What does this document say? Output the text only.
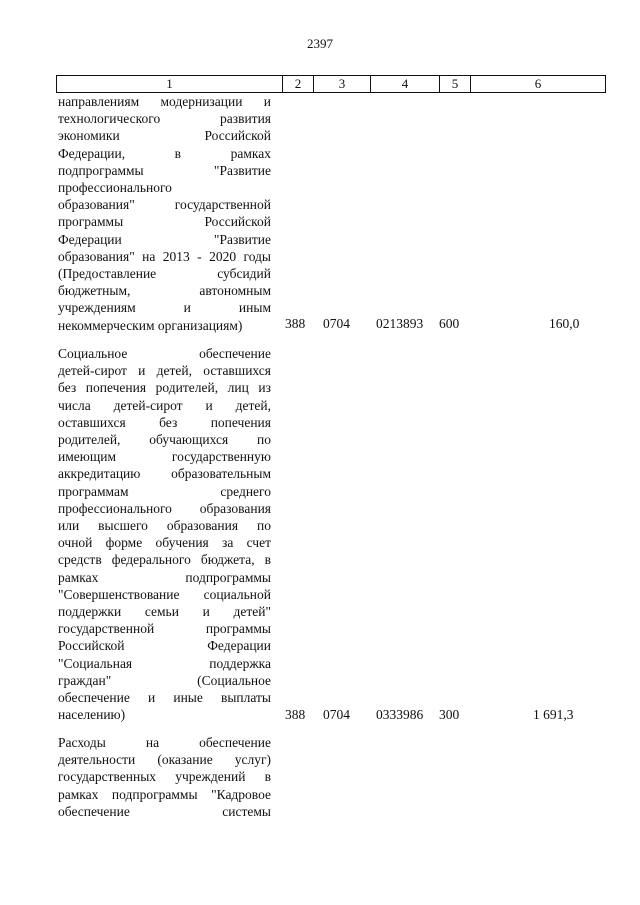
2397
1	2	3	4	5	6
направлениям модернизации и
технологического развития
экономики Российской
Федерации, в рамках
подпрограммы "Развитие
профессионального
образования" государственной
программы Российской
Федерации "Развитие
образования" на 2013 - 2020 годы
(Предоставление субсидий
бюджетным, автономным
учреждениям и иным
некоммерческим организациям)	388 0704 0213893 600	160,0
Социальное обеспечение
детей-сирот и детей, оставшихся
без попечения родителей, лиц из
числа детей-сирот и детей,
оставшихся без попечения
родителей, обучающихся по
имеющим государственную
аккредитацию образовательным
программам среднего
профессионального образования
или высшего образования по
очной форме обучения за счет
средств федерального бюджета, в
рамках подпрограммы
"Совершенствование социальной
поддержки семьи и детей"
государственной программы
Российской Федерации
"Социальная поддержка
граждан" (Социальное
обеспечение и иные выплаты
населению)	388 0704 0333986 300	1 691,3
Расходы на обеспечение
деятельности (оказание услуг)
государственных учреждений в
рамках подпрограммы "Кадровое
обеспечение системы
